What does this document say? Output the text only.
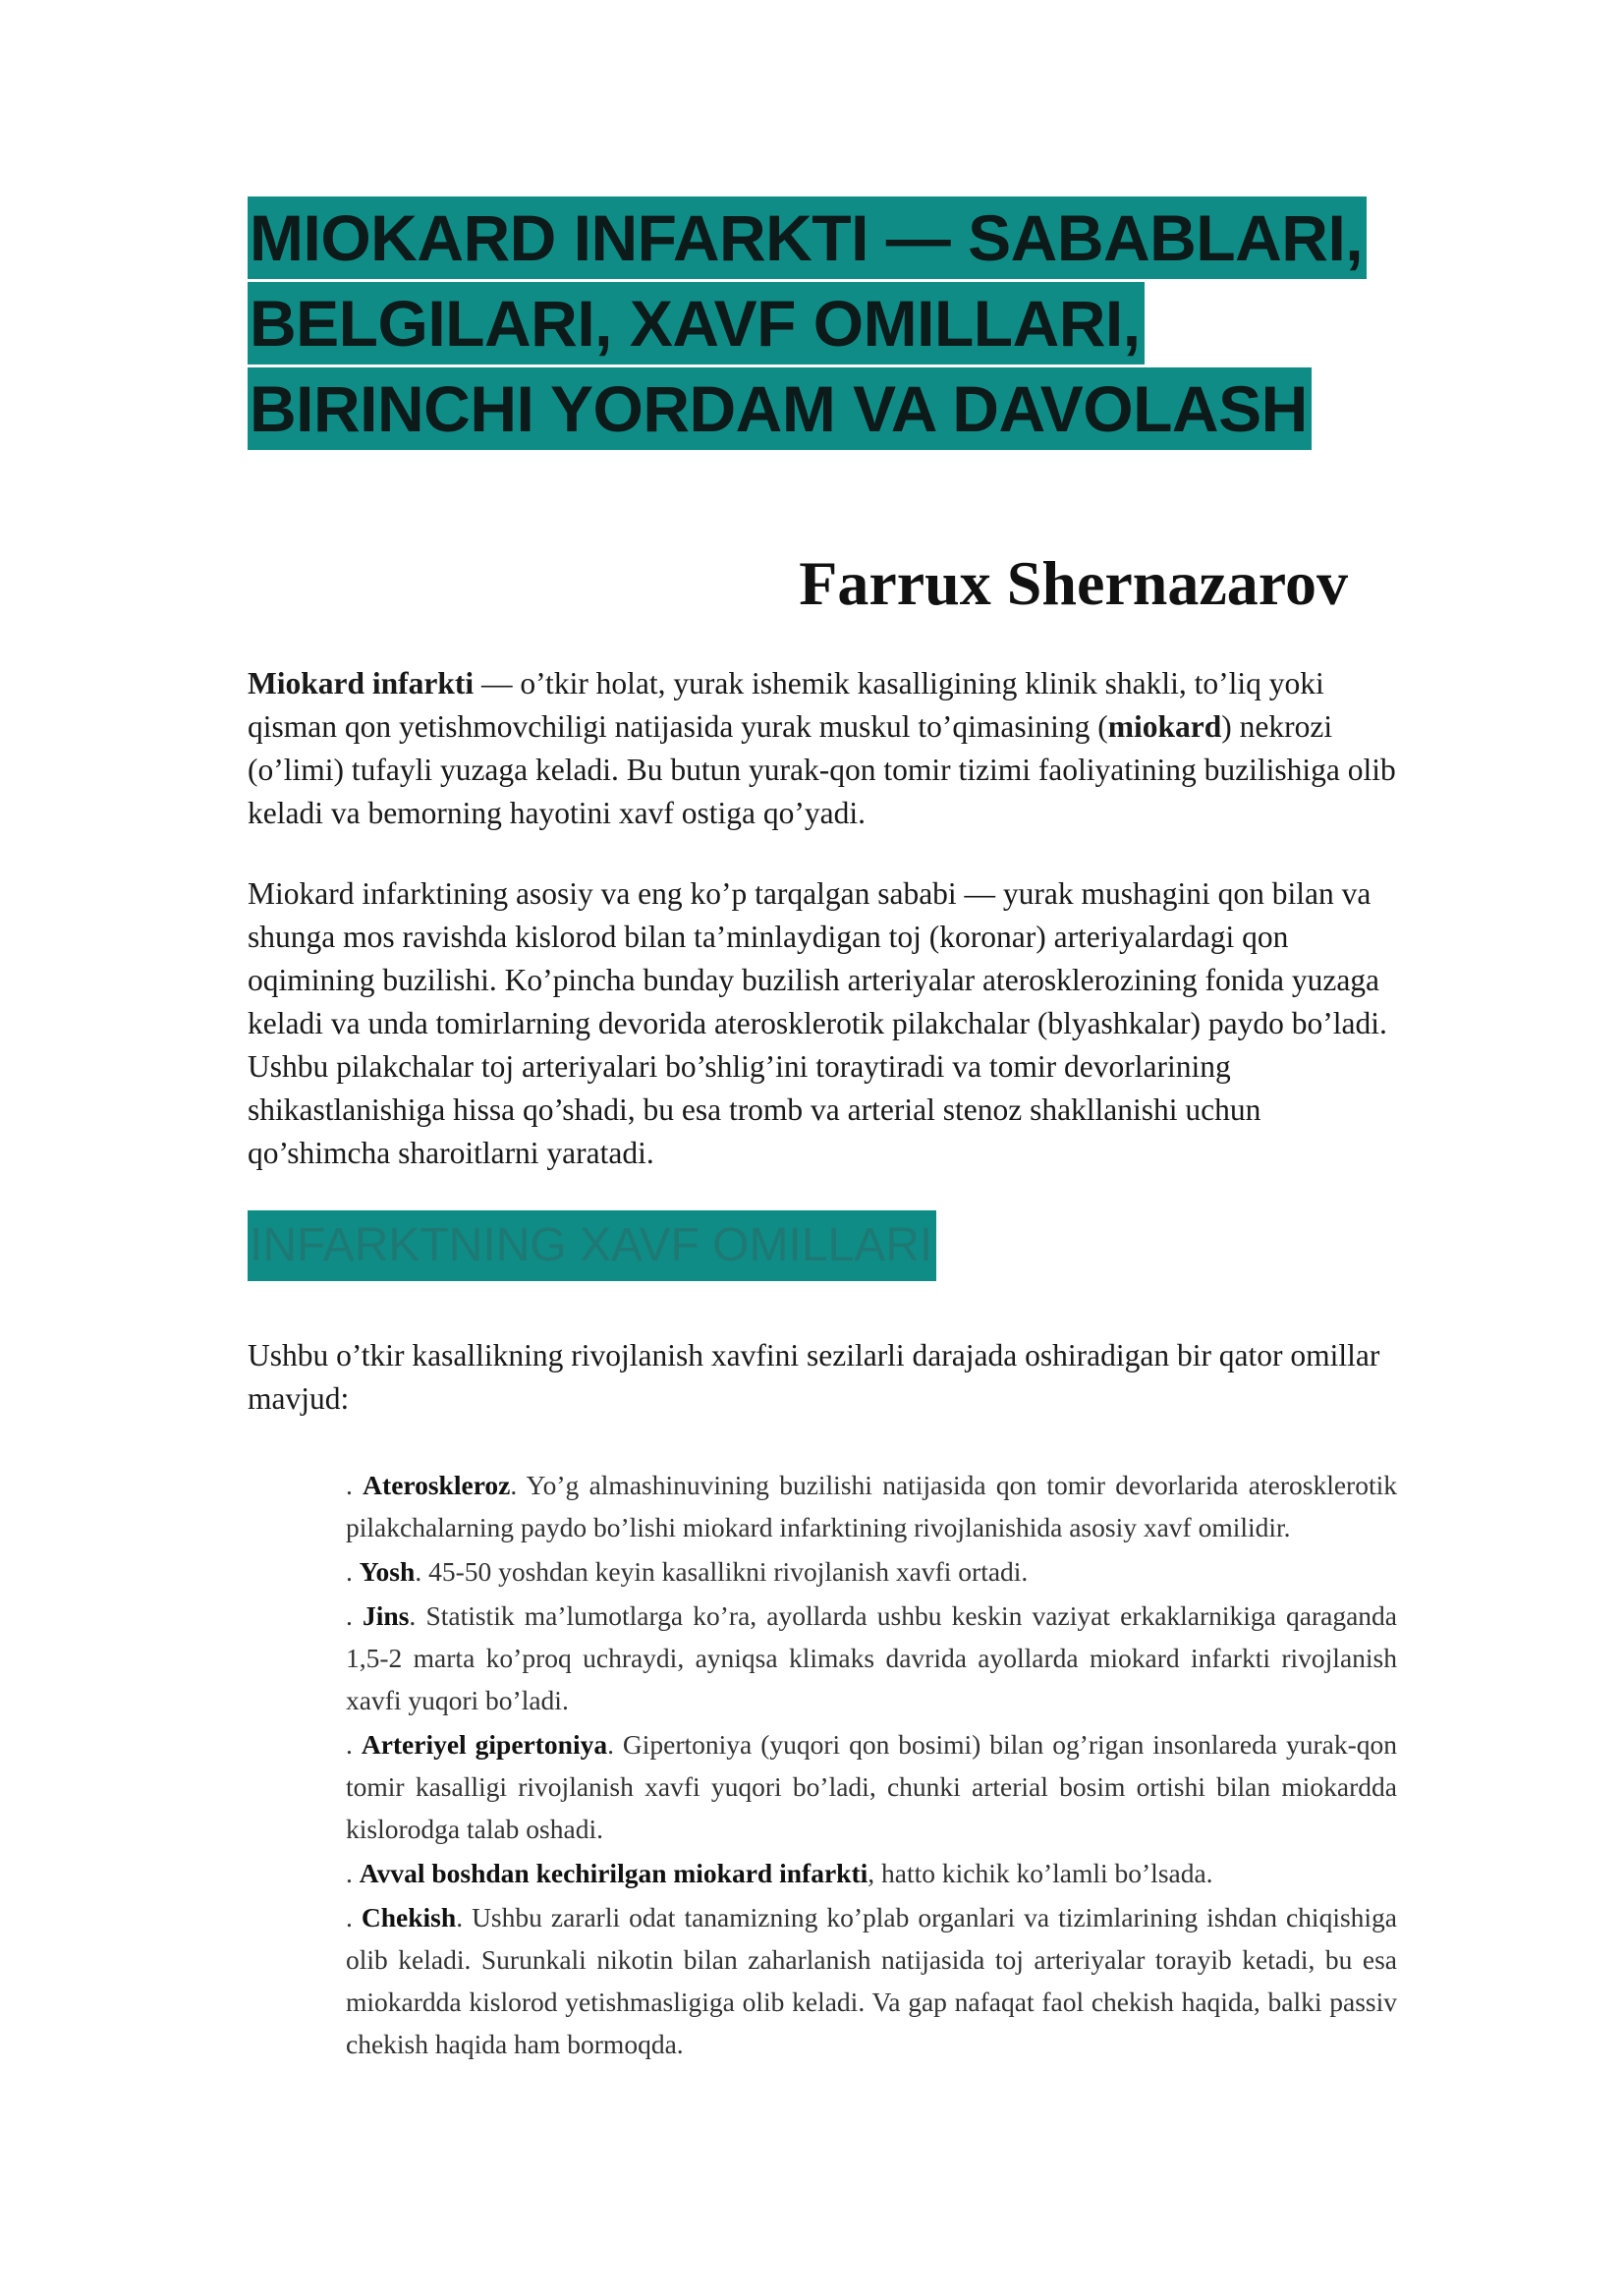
MIOKARD INFARKTI — SABABLARI,
BELGILARI, XAVF OMILLARI,
BIRINCHI YORDAM VA DAVOLASH
Farrux Shernazarov

Miokard infarkti — o’tkir holat, yurak ishemik kasalligining klinik shakli, to’liq yoki qisman qon yetishmovchiligi natijasida yurak muskul to’qimasining (miokard) nekrozi (o’limi) tufayli yuzaga keladi. Bu butun yurak-qon tomir tizimi faoliyatining buzilishiga olib keladi va bemorning hayotini xavf ostiga qo’yadi.

Miokard infarktining asosiy va eng ko’p tarqalgan sababi — yurak mushagini qon bilan va shunga mos ravishda kislorod bilan ta’minlaydigan toj (koronar) arteriyalardagi qon oqimining buzilishi. Ko’pincha bunday buzilish arteriyalar aterosklerozining fonida yuzaga keladi va unda tomirlarning devorida aterosklerotik pilakchalar (blyashkalar) paydo bo’ladi. Ushbu pilakchalar toj arteriyalari bo’shlig’ini toraytiradi va tomir devorlarining shikastlanishiga hissa qo’shadi, bu esa tromb va arterial stenoz shakllanishi uchun qo’shimcha sharoitlarni yaratadi.

INFARKTNING XAVF OMILLARI

Ushbu o’tkir kasallikning rivojlanish xavfini sezilarli darajada oshiradigan bir qator omillar mavjud:

. Ateroskleroz. Yo’g almashinuvining buzilishi natijasida qon tomir devorlarida aterosklerotik pilakchalarning paydo bo’lishi miokard infarktining rivojlanishida asosiy xavf omilidir.
. Yosh. 45-50 yoshdan keyin kasallikni rivojlanish xavfi ortadi.
. Jins. Statistik ma’lumotlarga ko’ra, ayollarda ushbu keskin vaziyat erkaklarnikiga qaraganda 1,5-2 marta ko’proq uchraydi, ayniqsa klimaks davrida ayollarda miokard infarkti rivojlanish xavfi yuqori bo’ladi.
. Arteriyel gipertoniya. Gipertoniya (yuqori qon bosimi) bilan og’rigan insonlareda yurak-qon tomir kasalligi rivojlanish xavfi yuqori bo’ladi, chunki arterial bosim ortishi bilan miokardda kislorodga talab oshadi.
. Avval boshdan kechirilgan miokard infarkti, hatto kichik ko’lamli bo’lsada.
. Chekish. Ushbu zararli odat tanamizning ko’plab organlari va tizimlarining ishdan chiqishiga olib keladi. Surunkali nikotin bilan zaharlanish natijasida toj arteriyalar torayib ketadi, bu esa miokardda kislorod yetishmasligiga olib keladi. Va gap nafaqat faol chekish haqida, balki passiv chekish haqida ham bormoqda.
